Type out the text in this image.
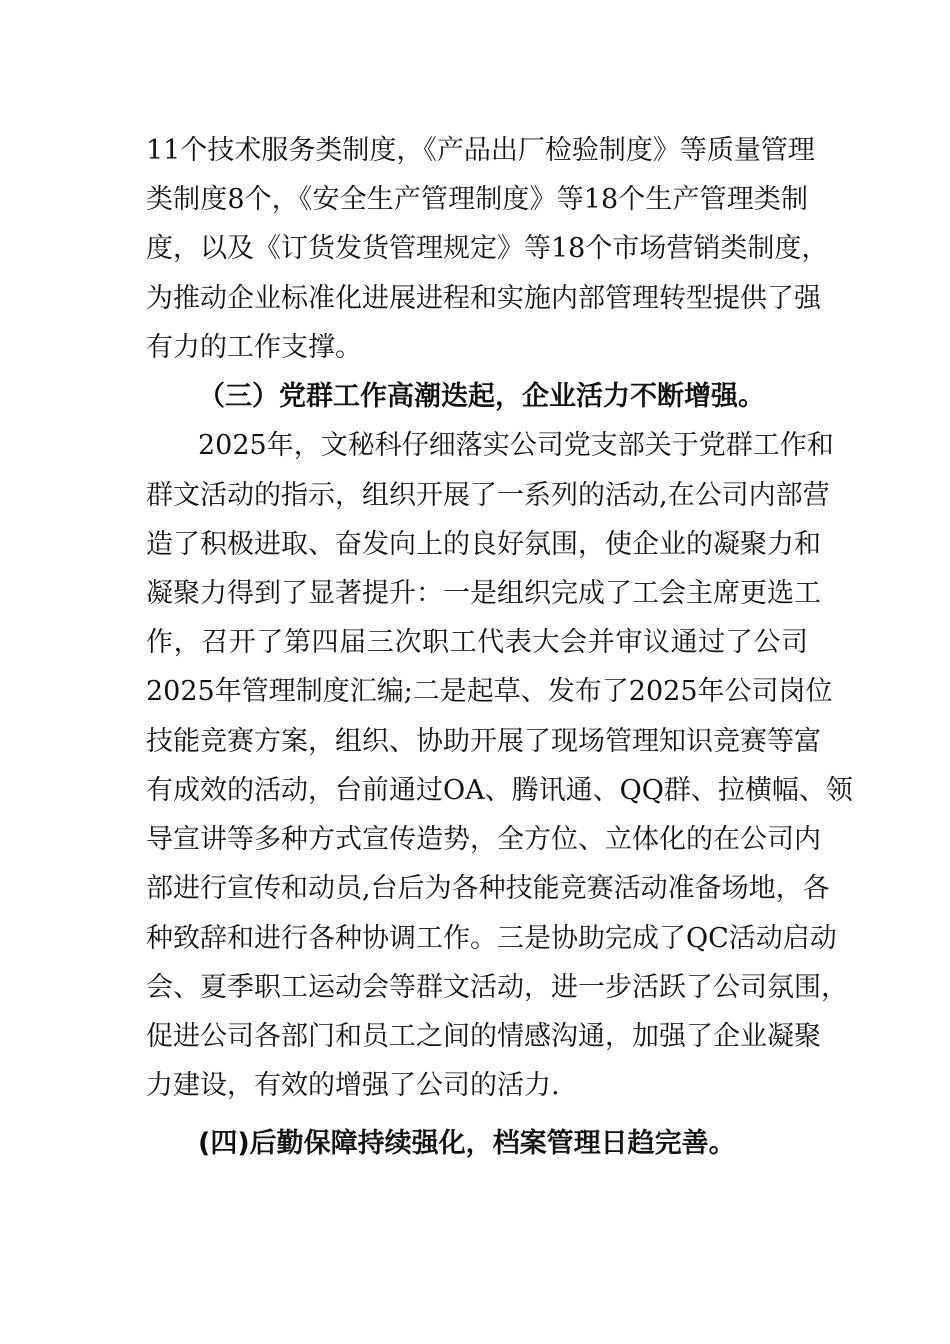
11个技术服务类制度，《产品出厂检验制度》等质量管理
类制度8个，《安全生产管理制度》等18个生产管理类制
度，以及《订货发货管理规定》等18个市场营销类制度，
为推动企业标准化进展进程和实施内部管理转型提供了强
有力的工作支撑。
（三）党群工作高潮迭起，企业活力不断增强。
2025年，文秘科仔细落实公司党支部关于党群工作和
群文活动的指示，组织开展了一系列的活动,在公司内部营
造了积极进取、奋发向上的良好氛围，使企业的凝聚力和
凝聚力得到了显著提升：一是组织完成了工会主席更选工
作，召开了第四届三次职工代表大会并审议通过了公司
2025年管理制度汇编;二是起草、发布了2025年公司岗位
技能竞赛方案，组织、协助开展了现场管理知识竞赛等富
有成效的活动，台前通过OA、腾讯通、QQ群、拉横幅、领
导宣讲等多种方式宣传造势，全方位、立体化的在公司内
部进行宣传和动员,台后为各种技能竞赛活动准备场地，各
种致辞和进行各种协调工作。三是协助完成了QC活动启动
会、夏季职工运动会等群文活动，进一步活跃了公司氛围，
促进公司各部门和员工之间的情感沟通，加强了企业凝聚
力建设，有效的增强了公司的活力.
(四)后勤保障持续强化，档案管理日趋完善。
